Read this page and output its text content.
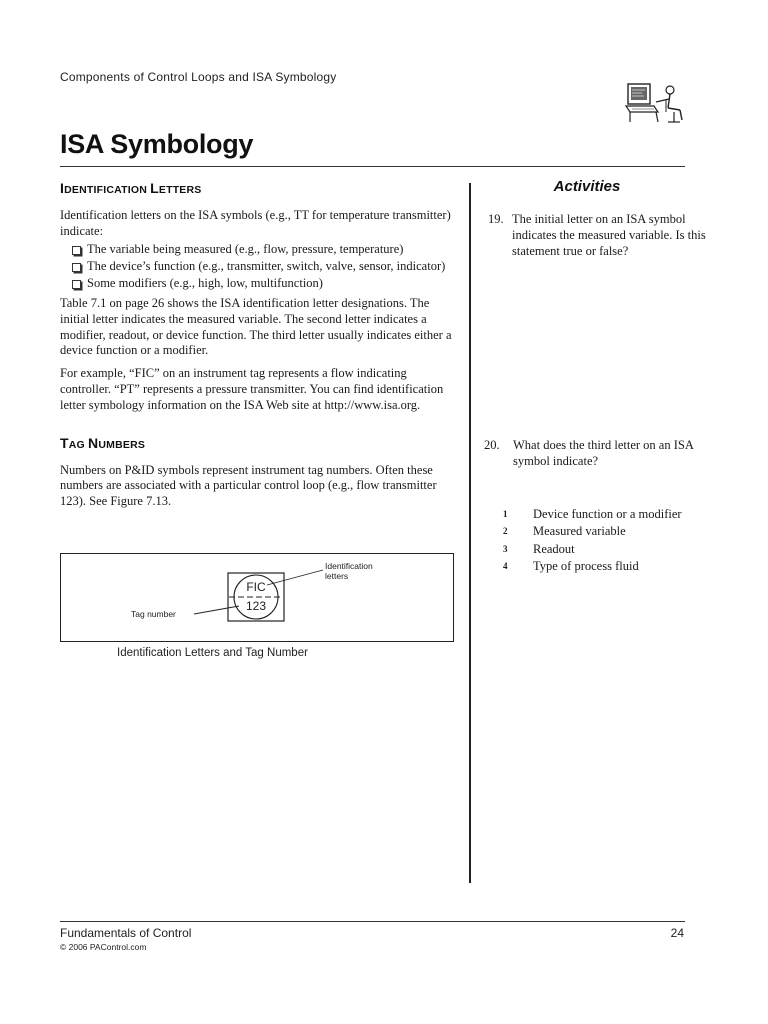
Components of Control Loops and ISA Symbology
ISA Symbology
IDENTIFICATION LETTERS

Identification letters on the ISA symbols (e.g., TT for temperature transmitter) indicate:

The variable being measured (e.g., flow, pressure, temperature)
The device’s function (e.g., transmitter, switch, valve, sensor, indicator)
Some modifiers (e.g., high, low, multifunction)

Table 7.1 on page 26 shows the ISA identification letter designations. The initial letter indicates the measured variable. The second letter indicates a modifier, readout, or device function. The third letter usually indicates either a device function or a modifier.

For example, “FIC” on an instrument tag represents a flow indicating controller. “PT” represents a pressure transmitter. You can find identification letter symbology information on the ISA Web site at http://www.isa.org.

TAG NUMBERS

Numbers on P&ID symbols represent instrument tag numbers. Often these numbers are associated with a particular control loop (e.g., flow transmitter 123). See Figure 7.13.

FIC
123
Identification
letters
Tag number
Identification Letters and Tag Number
Activities
19. The initial letter on an ISA symbol indicates the measured variable. Is this statement true or false?
20.	What does the third letter on an ISA symbol indicate?
1 Device function or a modifier
2 Measured variable
3 Readout
4 Type of process fluid
Fundamentals of Control	24
© 2006 PAControl.com
